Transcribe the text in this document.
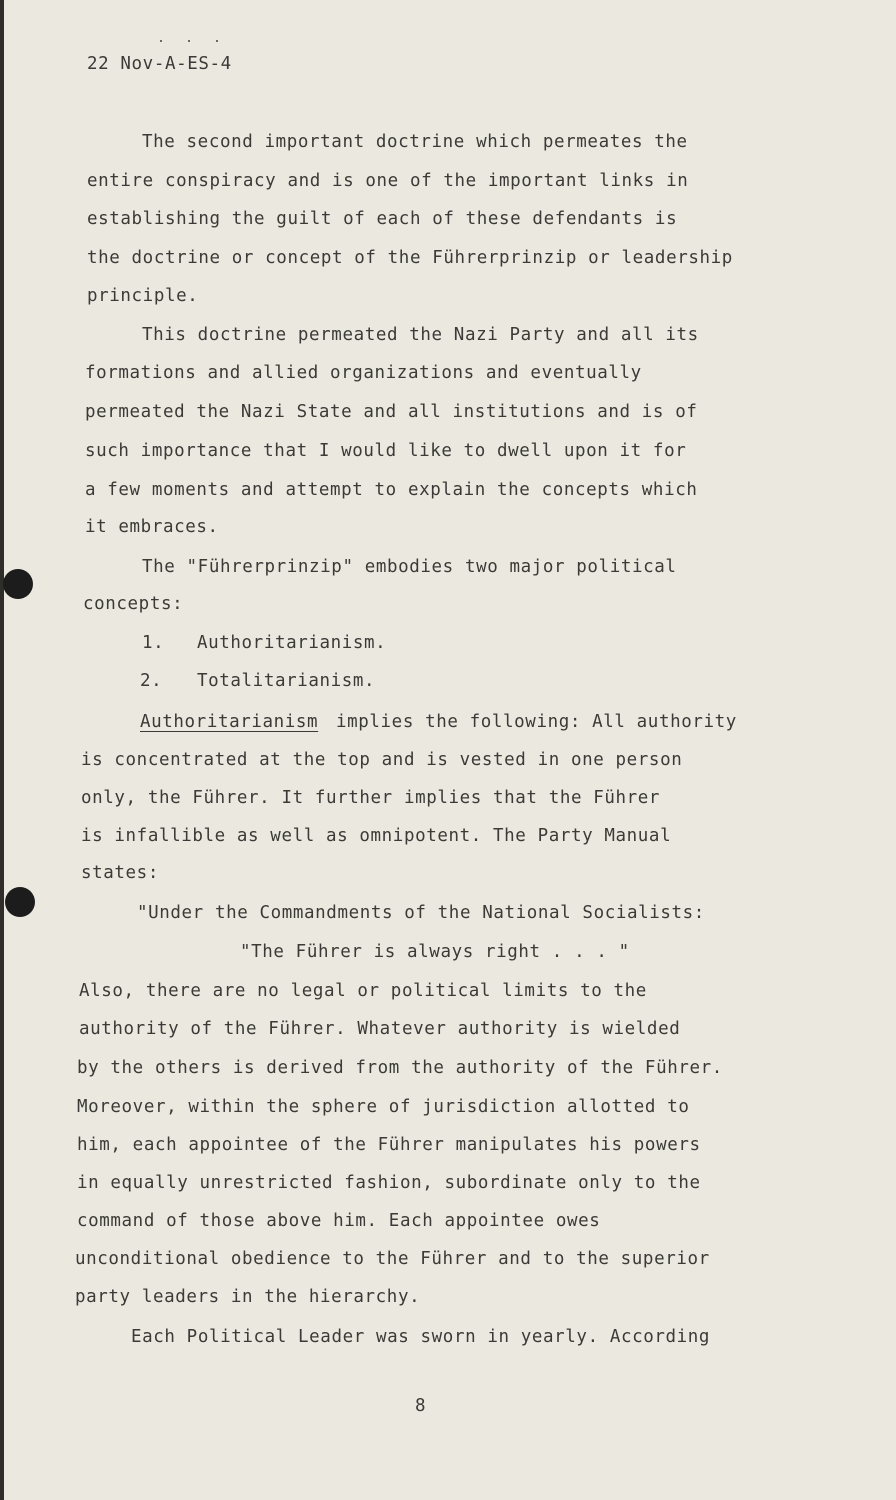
22 Nov-A-ES-4
The second important doctrine which permeates the
entire conspiracy and is one of the important links in
establishing the guilt of each of these defendants is
the doctrine or concept of the Führerprinzip or leadership
principle.
This doctrine permeated the Nazi Party and all its
formations and allied organizations and eventually
permeated the Nazi State and all institutions and is of
such importance that I would like to dwell upon it for
a few moments and attempt to explain the concepts which
it embraces.
The "Führerprinzip" embodies two major political
concepts:
1. Authoritarianism.
2. Totalitarianism.
Authoritarianism implies the following: All authority
is concentrated at the top and is vested in one person
only, the Führer. It further implies that the Führer
is infallible as well as omnipotent. The Party Manual
states:
"Under the Commandments of the National Socialists:
"The Führer is always right . . . "
Also, there are no legal or political limits to the
authority of the Führer. Whatever authority is wielded
by the others is derived from the authority of the Führer.
Moreover, within the sphere of jurisdiction allotted to
him, each appointee of the Führer manipulates his powers
in equally unrestricted fashion, subordinate only to the
command of those above him. Each appointee owes
unconditional obedience to the Führer and to the superior
party leaders in the hierarchy.
Each Political Leader was sworn in yearly. According
8
